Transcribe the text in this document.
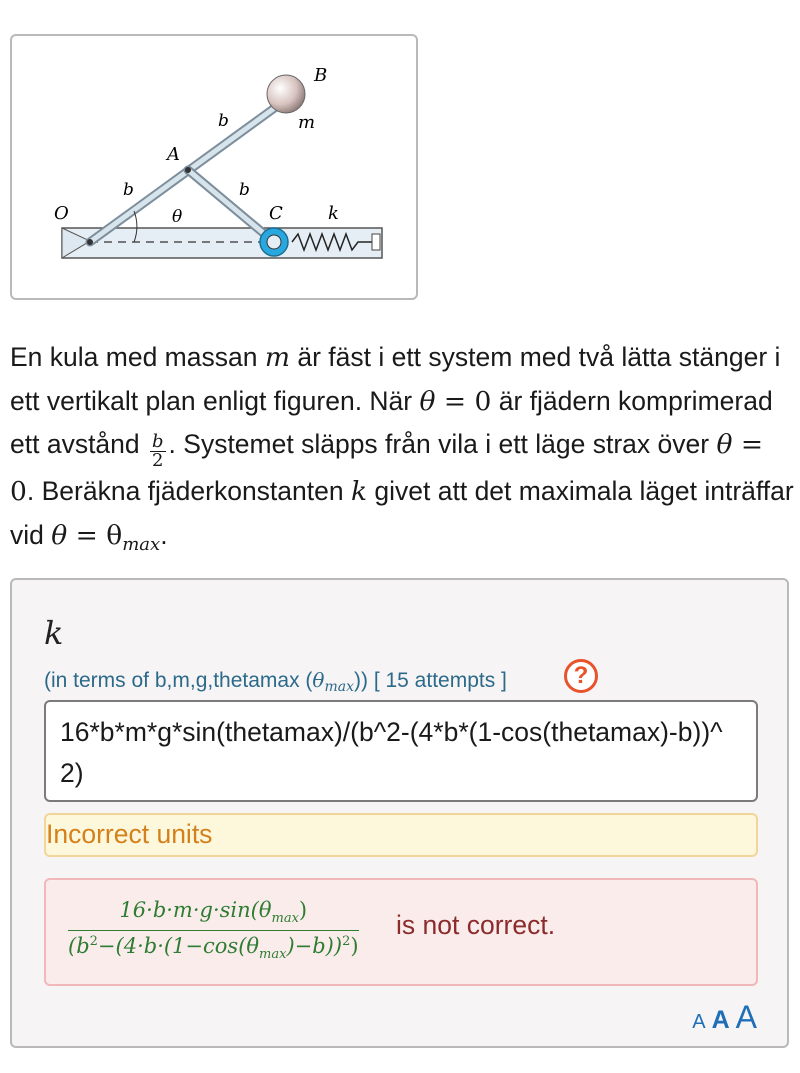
B
m
b
A
b	b
O	θ	C	k
En kula med massan m är fäst i ett system med två lätta stänger i ett vertikalt plan enligt figuren. När θ = 0 är fjädern komprimerad ett avstånd $\frac{b}{2}$ . Systemet släpps från vila i ett läge strax över θ = 0. Beräkna fjäderkonstanten k givet att det maximala läget inträffar vid $\theta = \theta_{max}$.
k
(in terms of b,m,g,thetamax $(\theta_{max})$) [ 15 attempts ]	?
16*b*m*g*sin(thetamax)/(b^2-(4*b*(1-cos(thetamax)-b))^2)
Incorrect units
$16\cdot b\cdot m\cdot g\cdot\sin(\theta_{max})$
$(b^2-(4\cdot b\cdot(1-\cos(\theta_{max})-b))^2)$
is not correct.
A A A
